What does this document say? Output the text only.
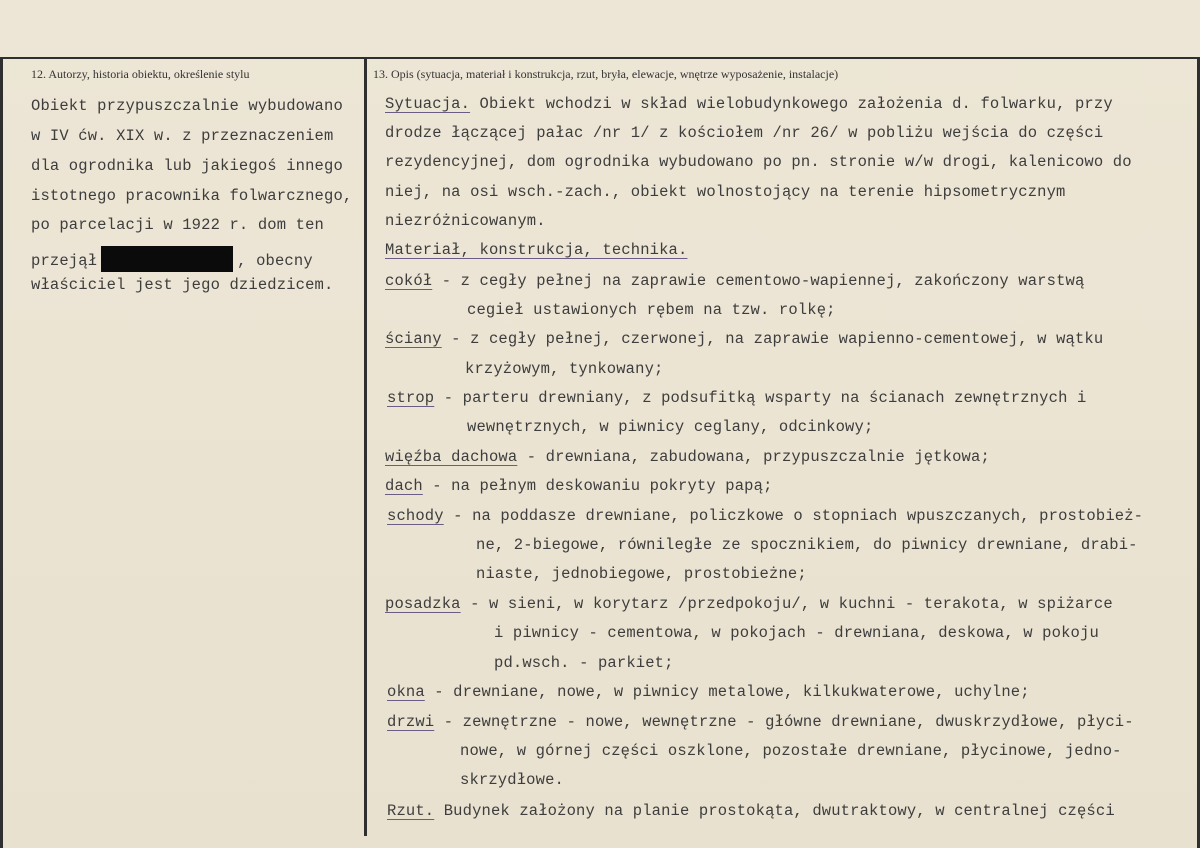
12. Autorzy, historia obiektu, określenie stylu
Obiekt przypuszczalnie wybudowano
w IV ćw. XIX w. z przeznaczeniem
dla ogrodnika lub jakiegoś innego
istotnego pracownika folwarcznego,
po parcelacji w 1922 r. dom ten
przejął	, obecny
właściciel jest jego dziedzicem.
13. Opis (sytuacja, materiał i konstrukcja, rzut, bryła, elewacje, wnętrze wyposażenie, instalacje)
Sytuacja. Obiekt wchodzi w skład wielobudynkowego założenia d. folwarku, przy
drodze łączącej pałac /nr 1/ z kościołem /nr 26/ w pobliżu wejścia do części
rezydencyjnej, dom ogrodnika wybudowano po pn. stronie w/w drogi, kalenicowo do
niej, na osi wsch.-zach., obiekt wolnostojący na terenie hipsometrycznym
niezróżnicowanym.
Materiał, konstrukcja, technika.
cokół - z cegły pełnej na zaprawie cementowo-wapiennej, zakończony warstwą
cegieł ustawionych rębem na tzw. rolkę;
ściany - z cegły pełnej, czerwonej, na zaprawie wapienno-cementowej, w wątku
krzyżowym, tynkowany;
strop - parteru drewniany, z podsufitką wsparty na ścianach zewnętrznych i
wewnętrznych, w piwnicy ceglany, odcinkowy;
więźba dachowa - drewniana, zabudowana, przypuszczalnie jętkowa;
dach - na pełnym deskowaniu pokryty papą;
schody - na poddasze drewniane, policzkowe o stopniach wpuszczanych, prostobież-
ne, 2-biegowe, równiległe ze spocznikiem, do piwnicy drewniane, drabi-
niaste, jednobiegowe, prostobieżne;
posadzka - w sieni, w korytarz /przedpokoju/, w kuchni - terakota, w spiżarce
i piwnicy - cementowa, w pokojach - drewniana, deskowa, w pokoju
pd.wsch. - parkiet;
okna - drewniane, nowe, w piwnicy metalowe, kilkukwaterowe, uchylne;
drzwi - zewnętrzne - nowe, wewnętrzne - główne drewniane, dwuskrzydłowe, płyci-
nowe, w górnej części oszklone, pozostałe drewniane, płycinowe, jedno-
skrzydłowe.
Rzut. Budynek założony na planie prostokąta, dwutraktowy, w centralnej części
